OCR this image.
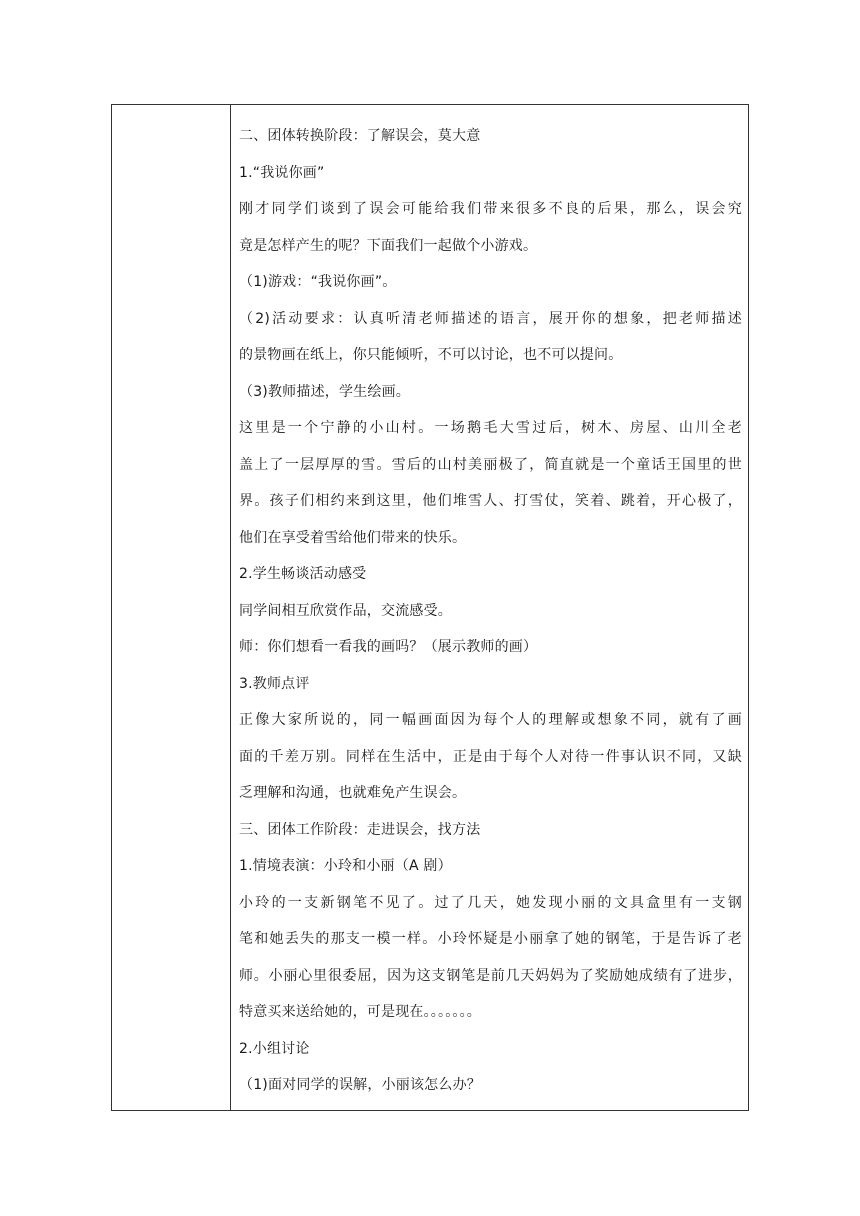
二、团体转换阶段：了解误会，莫大意
1.“我说你画”
刚才同学们谈到了误会可能给我们带来很多不良的后果，那么，误会究
竟是怎样产生的呢？下面我们一起做个小游戏。
（1)游戏：“我说你画”。
（2)活动要求：认真听清老师描述的语言，展开你的想象，把老师描述
的景物画在纸上，你只能倾听，不可以讨论，也不可以提问。
（3)教师描述，学生绘画。
这里是一个宁静的小山村。一场鹅毛大雪过后，树木、房屋、山川全老
盖上了一层厚厚的雪。雪后的山村美丽极了，简直就是一个童话王国里的世
界。孩子们相约来到这里，他们堆雪人、打雪仗，笑着、跳着，开心极了，
他们在享受着雪给他们带来的快乐。
2.学生畅谈活动感受
同学间相互欣赏作品，交流感受。
师：你们想看一看我的画吗？（展示教师的画）
3.教师点评
正像大家所说的，同一幅画面因为每个人的理解或想象不同，就有了画
面的千差万别。同样在生活中，正是由于每个人对待一件事认识不同，又缺
乏理解和沟通，也就难免产生误会。
三、团体工作阶段：走进误会，找方法
1.情境表演：小玲和小丽（A 剧）
小玲的一支新钢笔不见了。过了几天，她发现小丽的文具盒里有一支钢
笔和她丢失的那支一模一样。小玲怀疑是小丽拿了她的钢笔，于是告诉了老
师。小丽心里很委屈，因为这支钢笔是前几天妈妈为了奖励她成绩有了进步，
特意买来送给她的，可是现在。。。。。。。
2.小组讨论
（1)面对同学的误解，小丽该怎么办？
